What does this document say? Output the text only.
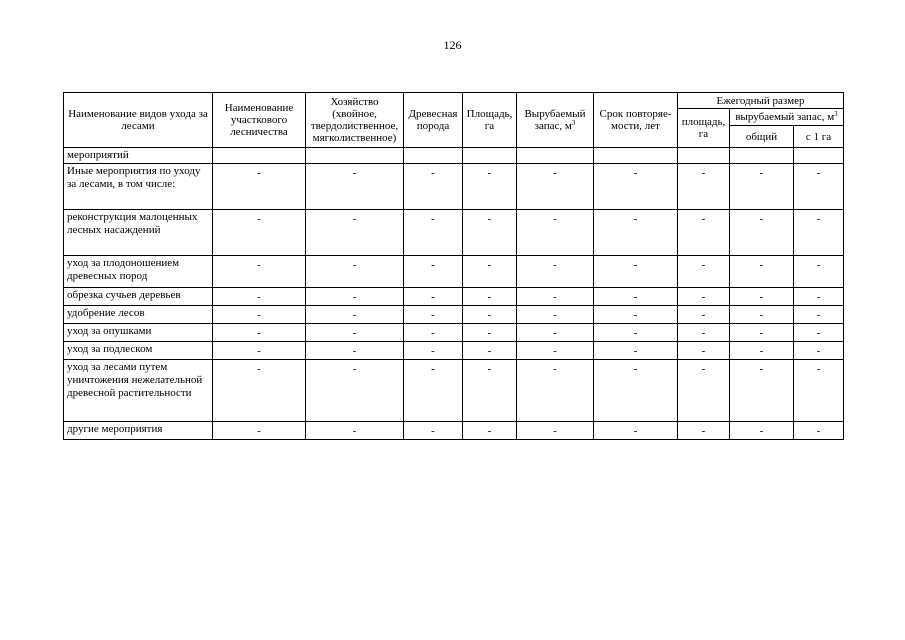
126
Наименование видов ухода за лесами	Наименование участкового лесничества	Хозяйство (хвойное, твердолиственное, мягколиственное)	Древесная порода	Площадь, га	Вырубаемый запас, $м^3$	Срок повторяе-мости, лет	Ежегодный размер		
							площадь, га	вырубаемый запас, $м^3$
								общий	с 1 га
мероприятий									
Иные мероприятия по уходу за лесами, в том числе:	-	-	-	-	-	-	-	-	-
реконструкция малоценных лесных насаждений	-	-	-	-	-	-	-	-	-
уход за плодоношением древесных пород	-	-	-	-	-	-	-	-	-
обрезка сучьев деревьев	-	-	-	-	-	-	-	-	-
удобрение лесов	-	-	-	-	-	-	-	-	-
уход за опушками	-	-	-	-	-	-	-	-	-
уход за подлеском	-	-	-	-	-	-	-	-	-
уход за лесами путем уничтожения нежелательной древесной растительности	-	-	-	-	-	-	-	-	-
другие мероприятия	-	-	-	-	-	-	-	-	-
